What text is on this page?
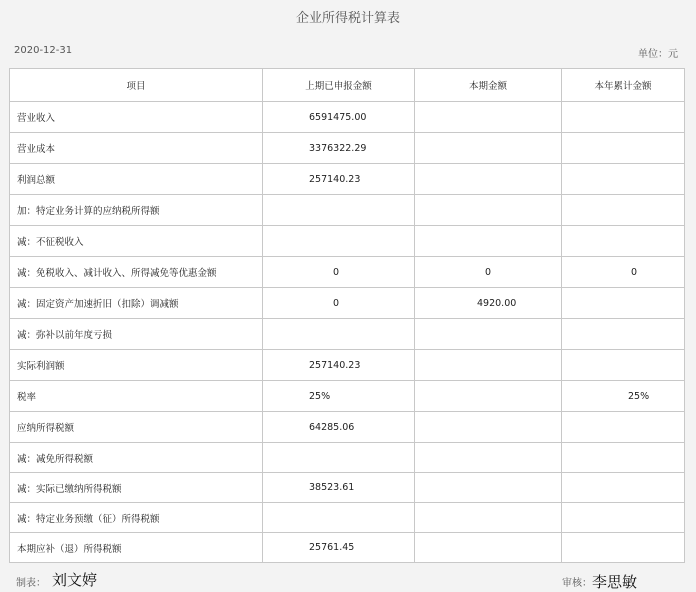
企业所得税计算表
2020-12-31	单位：元
项目	上期已申报金额	本期金额	本年累计金额
营业收入	6591475.00		
营业成本	3376322.29		
利润总额	257140.23		
加：特定业务计算的应纳税所得额			
减：不征税收入			
减：免税收入、减计收入、所得减免等优惠金额	0	0	0
减：固定资产加速折旧（扣除）调减额	0	4920.00	
减：弥补以前年度亏损			
实际利润额	257140.23		
税率	25%		25%
应纳所得税额	64285.06		
减：减免所得税额			
减：实际已缴纳所得税额	38523.61		
减：特定业务预缴（征）所得税额			
本期应补（退）所得税额	25761.45		
制表： 刘文婷	审核： 李思敏
